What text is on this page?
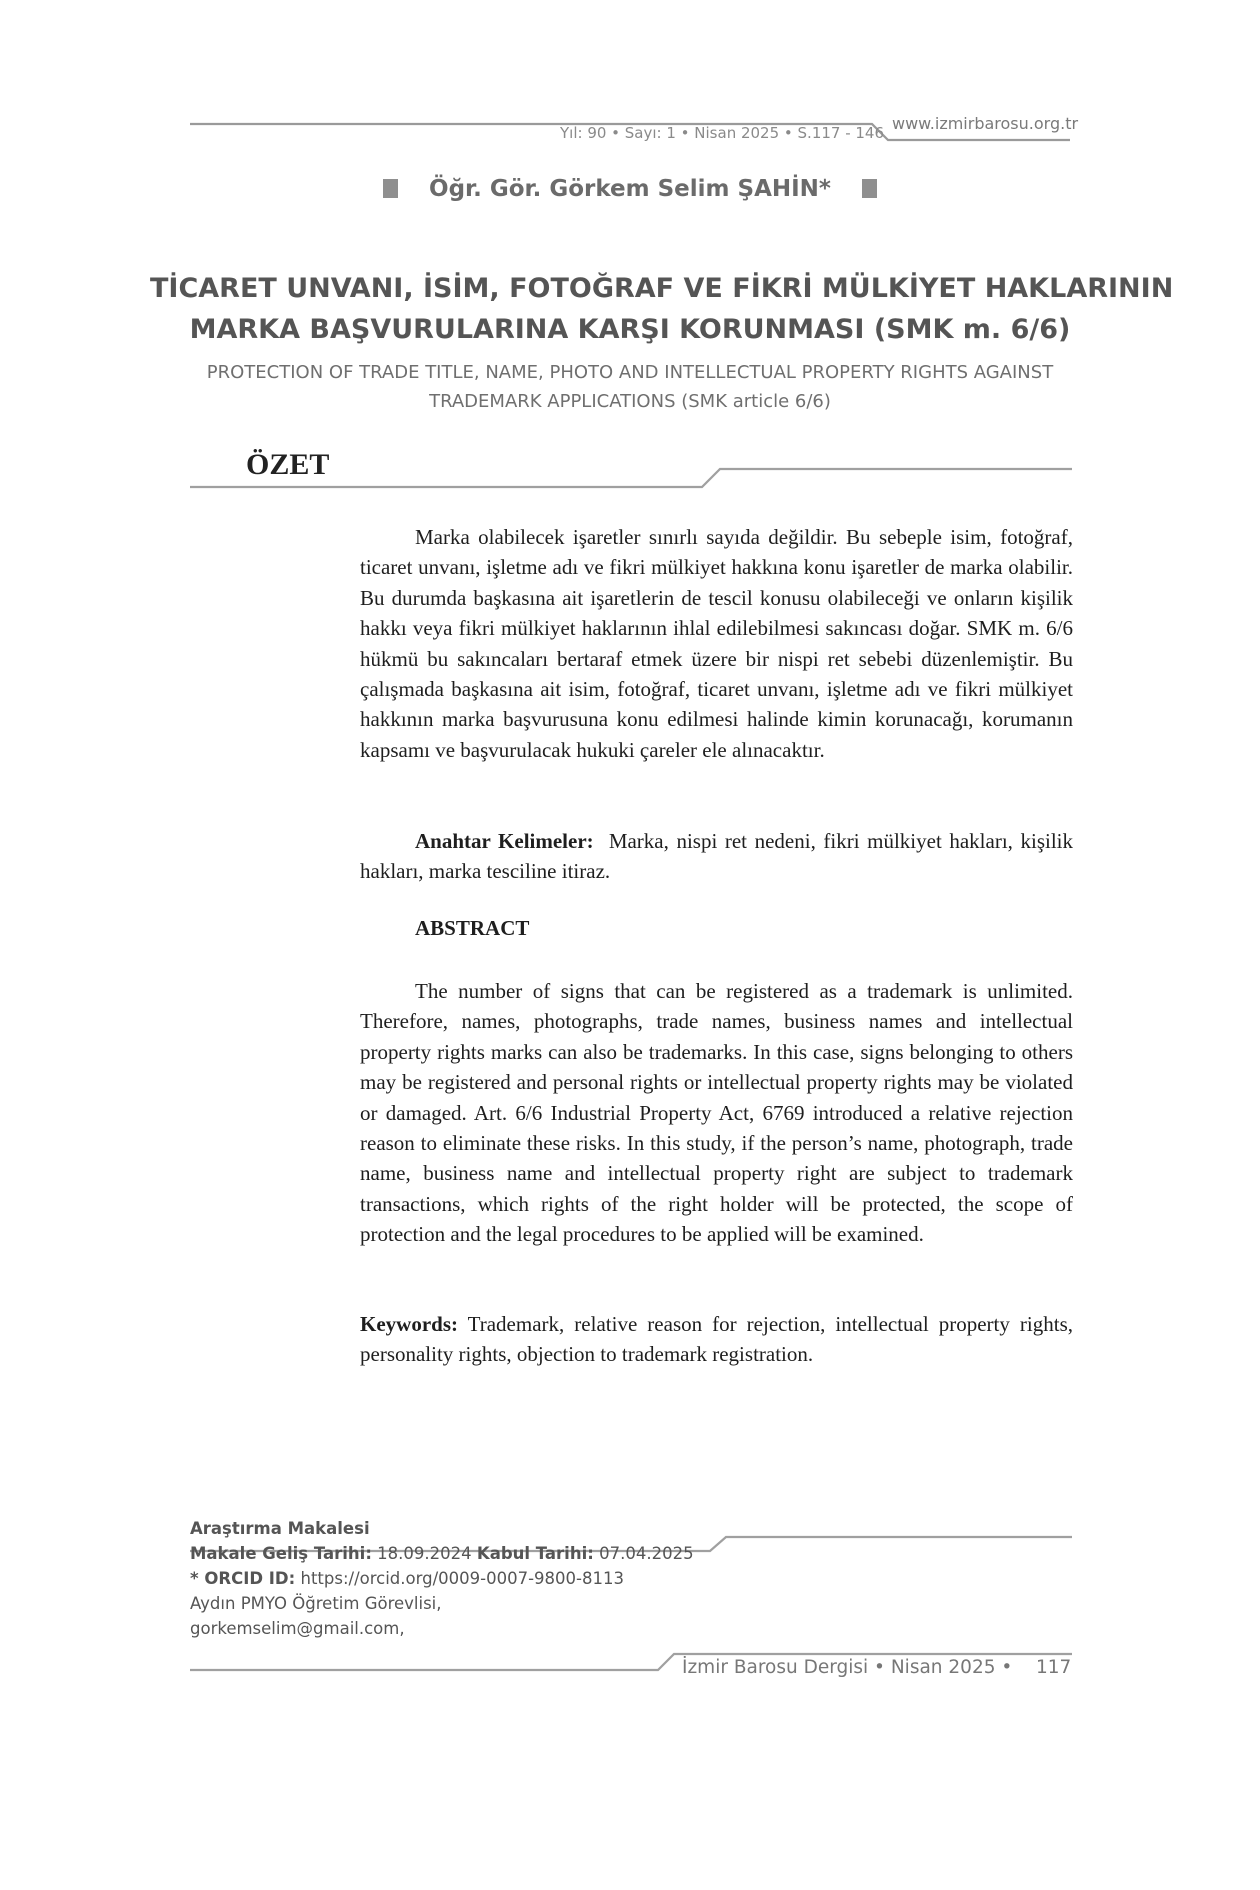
Yıl: 90 • Sayı: 1 • Nisan 2025 • S.117 - 146 www.izmirbarosu.org.tr
Öğr. Gör. Görkem Selim ŞAHİN*
TİCARET UNVANI, İSİM, FOTOĞRAF VE FİKRİ MÜLKİYET HAKLARININ
MARKA BAŞVURULARINA KARŞI KORUNMASI (SMK m. 6/6)
PROTECTION OF TRADE TITLE, NAME, PHOTO AND INTELLECTUAL PROPERTY RIGHTS AGAINST
TRADEMARK APPLICATIONS (SMK article 6/6)
ÖZET

Marka olabilecek işaretler sınırlı sayıda değildir. Bu sebeple isim, fotoğraf, ticaret unvanı, işletme adı ve fikri mülkiyet hakkına konu işaretler de marka olabilir. Bu durumda başkasına ait işaretlerin de tescil konusu olabileceği ve onların kişilik hakkı veya fikri mülkiyet haklarının ihlal edilebilmesi sakıncası doğar. SMK m. 6/6 hükmü bu sakıncaları bertaraf etmek üzere bir nispi ret sebebi düzenlemiştir. Bu çalışmada başkasına ait isim, fotoğraf, ticaret unvanı, işletme adı ve fikri mülkiyet hakkının marka başvurusuna konu edilmesi halinde kimin korunacağı, korumanın kapsamı ve başvurulacak hukuki çareler ele alınacaktır.

Anahtar Kelimeler: Marka, nispi ret nedeni, fikri mülkiyet hakları, kişilik hakları, marka tesciline itiraz.

ABSTRACT

The number of signs that can be registered as a trademark is unlimited. Therefore, names, photographs, trade names, business names and intellectual property rights marks can also be trademarks. In this case, signs belonging to others may be registered and personal rights or intellectual property rights may be violated or damaged. Art. 6/6 Industrial Property Act, 6769 introduced a relative rejection reason to eliminate these risks. In this study, if the person’s name, photograph, trade name, business name and intellectual property right are subject to trademark transactions, which rights of the right holder will be protected, the scope of protection and the legal procedures to be applied will be examined.

Keywords: Trademark, relative reason for rejection, intellectual property rights, personality rights, objection to trademark registration.

Araştırma Makalesi
Makale Geliş Tarihi: 18.09.2024 Kabul Tarihi: 07.04.2025
* ORCID ID: https://orcid.org/0009-0007-9800-8113
Aydın PMYO Öğretim Görevlisi,
gorkemselim@gmail.com,
İzmir Barosu Dergisi • Nisan 2025 • 117
